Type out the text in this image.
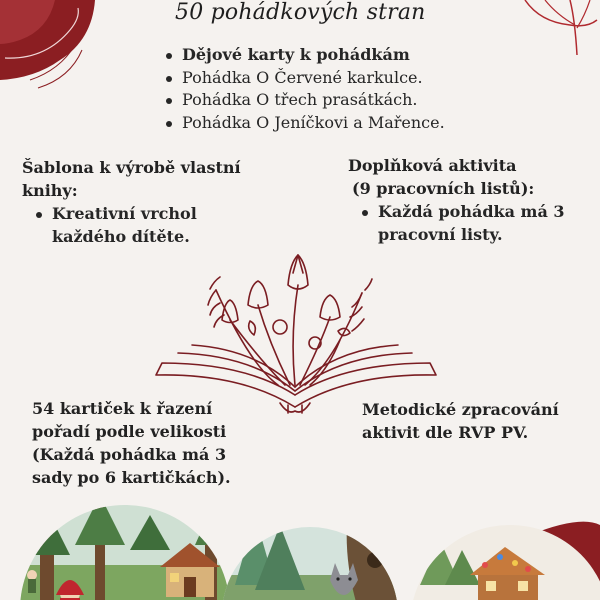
50 pohádkových stran
Dějové karty k pohádkám
Pohádka O Červené karkulce.
Pohádka O třech prasátkách.
Pohádka O Jeníčkovi a Mařence.
Šablona k výrobě vlastní
knihy:
Kreativní vrchol
každého dítěte.
Doplňková aktivita
(9 pracovních listů):
Každá pohádka má 3
pracovní listy.
54 kartiček k řazení
pořadí podle velikosti
(Každá pohádka má 3
sady po 6 kartičkách).
Metodické zpracování
aktivit dle RVP PV.
